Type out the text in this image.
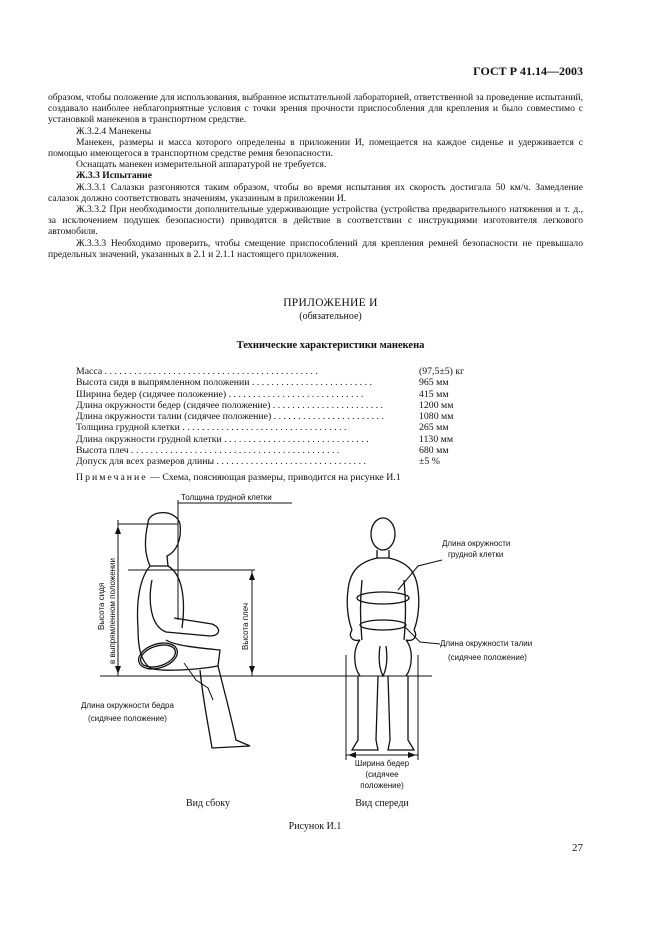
ГОСТ Р 41.14—2003

образом, чтобы положение для использования, выбранное испытательной лабораторией, ответственной за проведение испытаний, создавало наиболее неблагоприятные условия с точки зрения прочности приспособления для крепления и было совместимо с установкой манекенов в транспортном средстве.

Ж.3.2.4 Манекены

Манекен, размеры и масса которого определены в приложении И, помещается на каждое сиденье и удерживается с помощью имеющегося в транспортном средстве ремня безопасности.

Оснащать манекен измерительной аппаратурой не требуется.

Ж.3.3 Испытание

Ж.3.3.1 Салазки разгоняются таким образом, чтобы во время испытания их скорость достигала 50 км/ч. Замедление салазок должно соответствовать значениям, указанным в приложении И.

Ж.3.3.2 При необходимости дополнительные удерживающие устройства (устройства предварительного натяжения и т. д., за исключением подушек безопасности) приводятся в действие в соответствии с инструкциями изготовителя легкового автомобиля.

Ж.3.3.3 Необходимо проверить, чтобы смещение приспособлений для крепления ремней безопасности не превышало предельных значений, указанных в 2.1 и 2.1.1 настоящего приложения.

ПРИЛОЖЕНИЕ И
(обязательное)
Технические характеристики манекена
Масса . . . . . . . . . . . . . . . . . . . . . . . . . . . . . . . . . . . . . . . . . . . .	(97,5±5) кг
Высота сидя в выпрямленном положении . . . . . . . . . . . . . . . . . . . . . . . . .	965 мм
Ширина бедер (сидячее положение) . . . . . . . . . . . . . . . . . . . . . . . . . . . .	415 мм
Длина окружности бедер (сидячее положение) . . . . . . . . . . . . . . . . . . . . . . .	1200 мм
Длина окружности талии (сидячее положение) . . . . . . . . . . . . . . . . . . . . . . .	1080 мм
Толщина грудной клетки . . . . . . . . . . . . . . . . . . . . . . . . . . . . . . . . . .	265 мм
Длина окружности грудной клетки . . . . . . . . . . . . . . . . . . . . . . . . . . . . . .	1130 мм
Высота плеч . . . . . . . . . . . . . . . . . . . . . . . . . . . . . . . . . . . . . . . . . . .	680 мм
Допуск для всех размеров длины . . . . . . . . . . . . . . . . . . . . . . . . . . . . . . .	±5 %
Примечание — Схема, поясняющая размеры, приводится на рисунке И.1
Толщина грудной клетки
Высота сидя в выпрямленном положении	Высота плеч
Длина окружности бедра
(сидячее положение)
Длина окружности
грудной клетки
Длина окружности талии
(сидячее положение)
Ширина бедер
(сидячее
положение)
Вид сбоку	Вид спереди
Рисунок И.1
27
